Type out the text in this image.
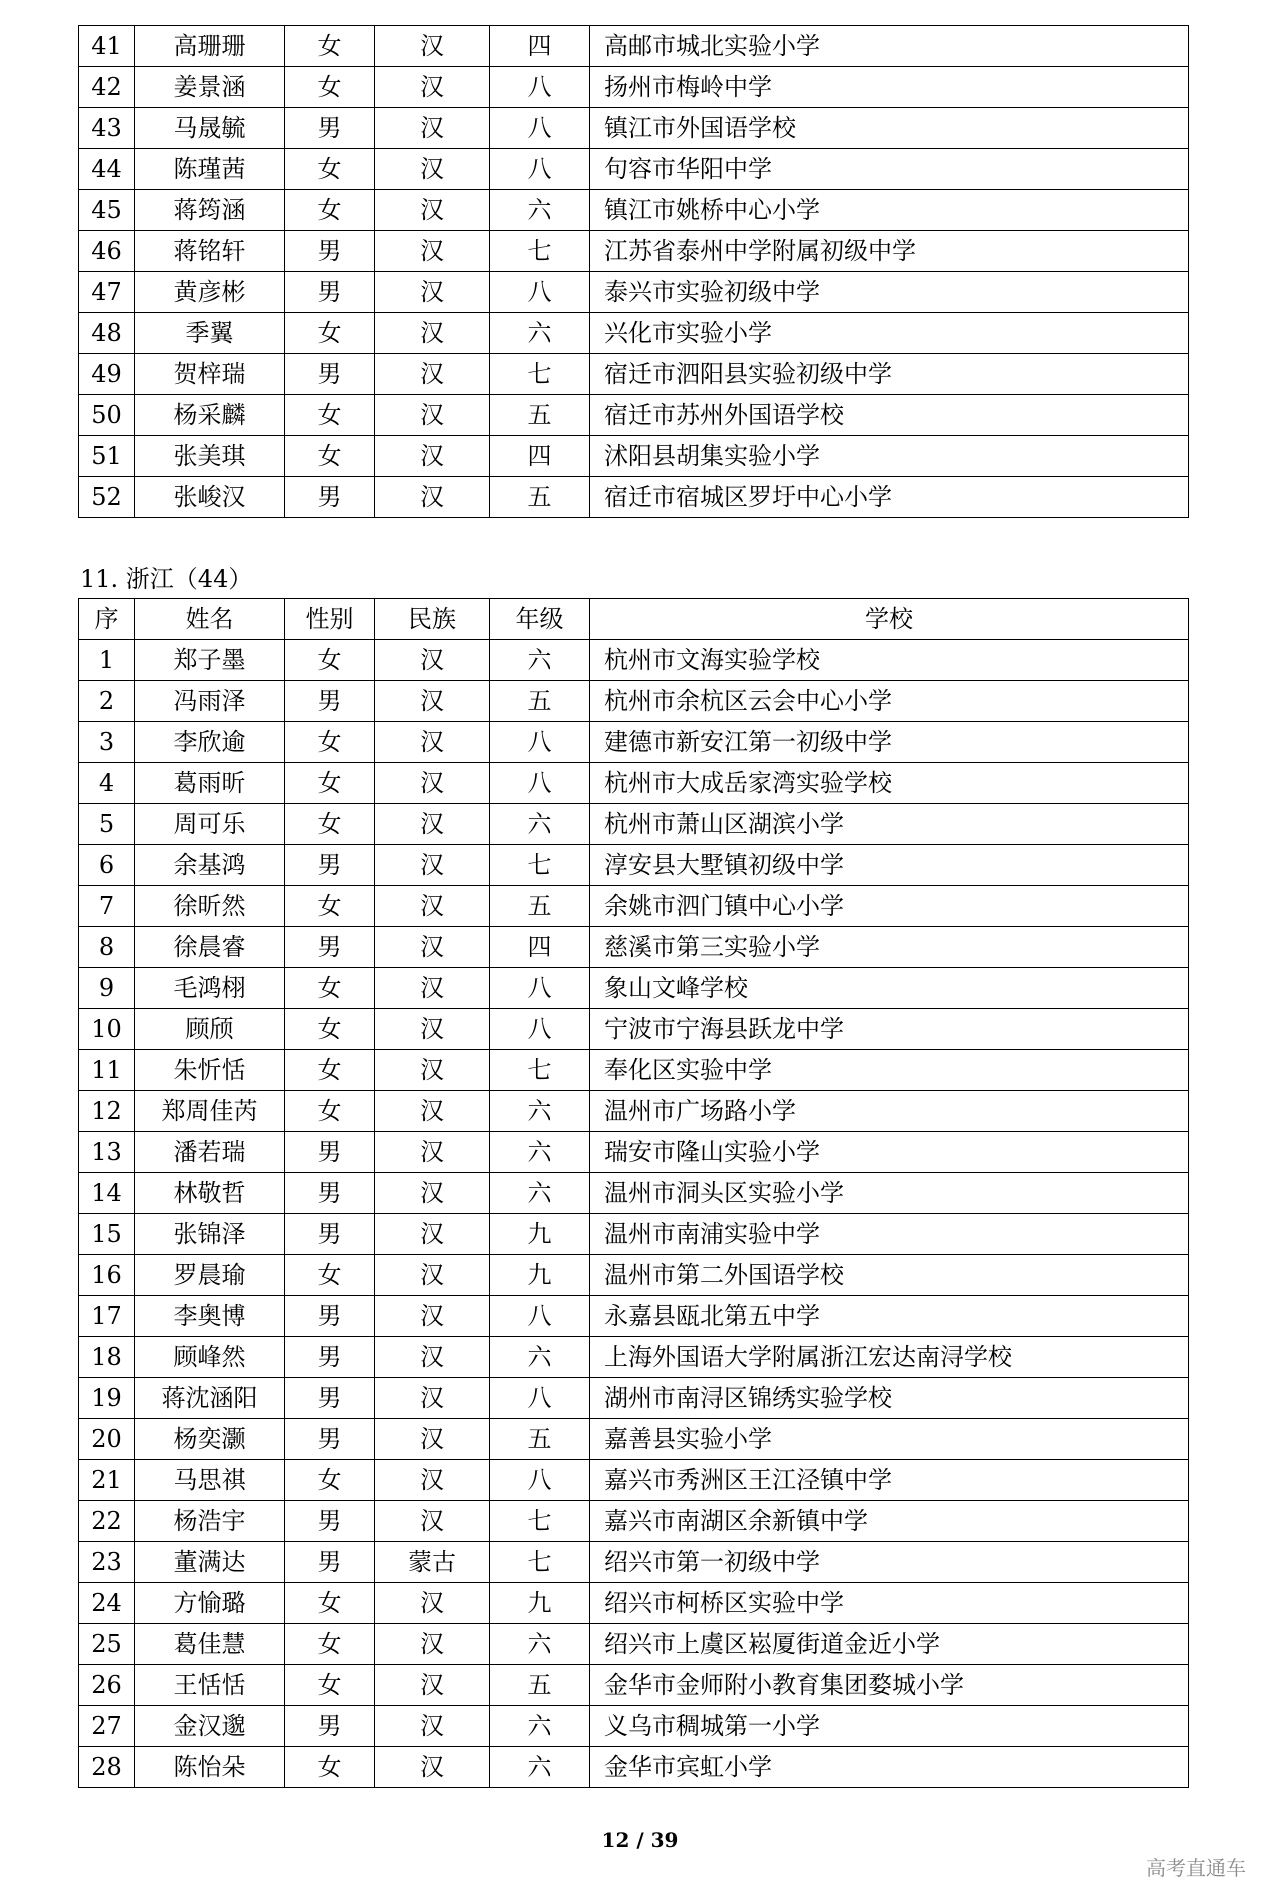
41	高珊珊	女	汉	四	高邮市城北实验小学
42	姜景涵	女	汉	八	扬州市梅岭中学
43	马晟毓	男	汉	八	镇江市外国语学校
44	陈瑾茜	女	汉	八	句容市华阳中学
45	蒋筠涵	女	汉	六	镇江市姚桥中心小学
46	蒋铭轩	男	汉	七	江苏省泰州中学附属初级中学
47	黄彦彬	男	汉	八	泰兴市实验初级中学
48	季翼	女	汉	六	兴化市实验小学
49	贺梓瑞	男	汉	七	宿迁市泗阳县实验初级中学
50	杨采麟	女	汉	五	宿迁市苏州外国语学校
51	张美琪	女	汉	四	沭阳县胡集实验小学
52	张峻汉	男	汉	五	宿迁市宿城区罗圩中心小学
11. 浙江（44）
序	姓名	性别	民族	年级	学校
1	郑子墨	女	汉	六	杭州市文海实验学校
2	冯雨泽	男	汉	五	杭州市余杭区云会中心小学
3	李欣逾	女	汉	八	建德市新安江第一初级中学
4	葛雨昕	女	汉	八	杭州市大成岳家湾实验学校
5	周可乐	女	汉	六	杭州市萧山区湖滨小学
6	余基鸿	男	汉	七	淳安县大墅镇初级中学
7	徐昕然	女	汉	五	余姚市泗门镇中心小学
8	徐晨睿	男	汉	四	慈溪市第三实验小学
9	毛鸿栩	女	汉	八	象山文峰学校
10	顾颀	女	汉	八	宁波市宁海县跃龙中学
11	朱忻恬	女	汉	七	奉化区实验中学
12	郑周佳芮	女	汉	六	温州市广场路小学
13	潘若瑞	男	汉	六	瑞安市隆山实验小学
14	林敬哲	男	汉	六	温州市洞头区实验小学
15	张锦泽	男	汉	九	温州市南浦实验中学
16	罗晨瑜	女	汉	九	温州市第二外国语学校
17	李奥博	男	汉	八	永嘉县瓯北第五中学
18	顾峰然	男	汉	六	上海外国语大学附属浙江宏达南浔学校
19	蒋沈涵阳	男	汉	八	湖州市南浔区锦绣实验学校
20	杨奕灏	男	汉	五	嘉善县实验小学
21	马思祺	女	汉	八	嘉兴市秀洲区王江泾镇中学
22	杨浩宇	男	汉	七	嘉兴市南湖区余新镇中学
23	董满达	男	蒙古	七	绍兴市第一初级中学
24	方愉璐	女	汉	九	绍兴市柯桥区实验中学
25	葛佳慧	女	汉	六	绍兴市上虞区崧厦街道金近小学
26	王恬恬	女	汉	五	金华市金师附小教育集团婺城小学
27	金汉邈	男	汉	六	义乌市稠城第一小学
28	陈怡朵	女	汉	六	金华市宾虹小学
12 / 39
高考直通车
